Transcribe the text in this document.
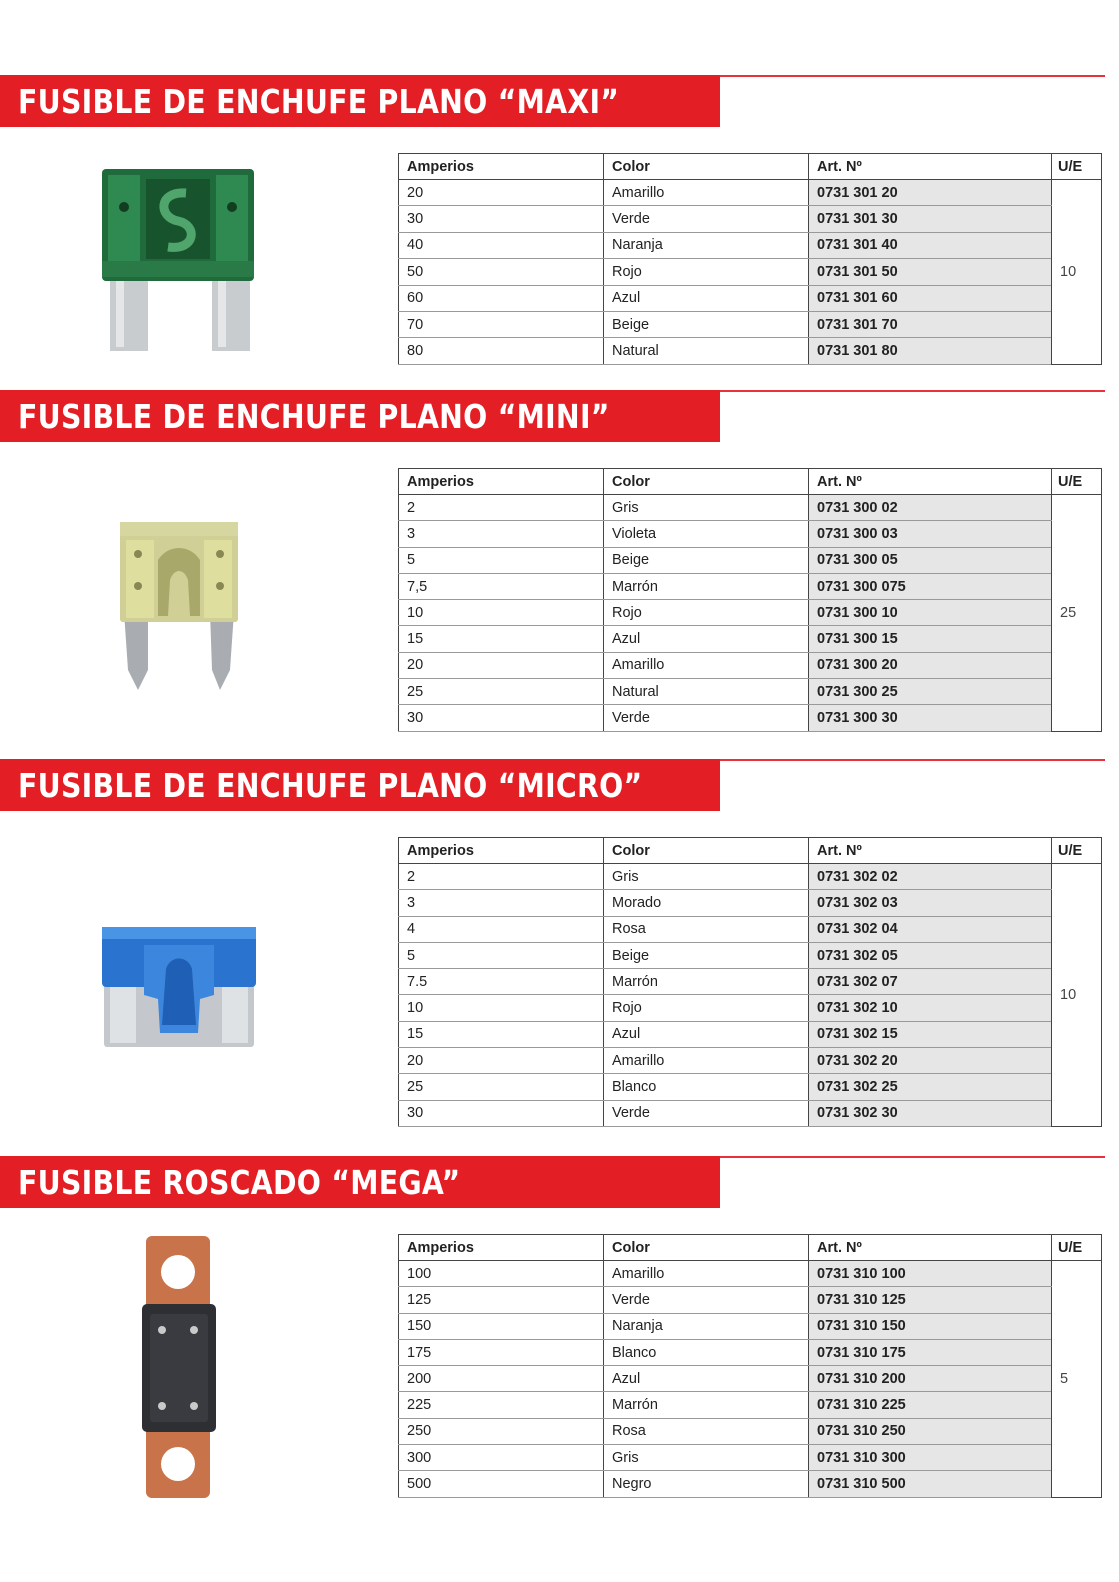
FUSIBLE DE ENCHUFE PLANO “MAXI”
Amperios	Color	Art. Nº	U/E
20	Amarillo	0731 301 20	10
30	Verde	0731 301 30	
40	Naranja	0731 301 40	
50	Rojo	0731 301 50	
60	Azul	0731 301 60	
70	Beige	0731 301 70	
80	Natural	0731 301 80	
FUSIBLE DE ENCHUFE PLANO “MINI”
Amperios	Color	Art. Nº	U/E
2	Gris	0731 300 02	25
3	Violeta	0731 300 03	
5	Beige	0731 300 05	
7,5	Marrón	0731 300 075	
10	Rojo	0731 300 10	
15	Azul	0731 300 15	
20	Amarillo	0731 300 20	
25	Natural	0731 300 25	
30	Verde	0731 300 30	
FUSIBLE DE ENCHUFE PLANO “MICRO”
Amperios	Color	Art. Nº	U/E
2	Gris	0731 302 02	10
3	Morado	0731 302 03	
4	Rosa	0731 302 04	
5	Beige	0731 302 05	
7.5	Marrón	0731 302 07	
10	Rojo	0731 302 10	
15	Azul	0731 302 15	
20	Amarillo	0731 302 20	
25	Blanco	0731 302 25	
30	Verde	0731 302 30	
FUSIBLE ROSCADO “MEGA”
Amperios	Color	Art. Nº	U/E
100	Amarillo	0731 310 100	5
125	Verde	0731 310 125	
150	Naranja	0731 310 150	
175	Blanco	0731 310 175	
200	Azul	0731 310 200	
225	Marrón	0731 310 225	
250	Rosa	0731 310 250	
300	Gris	0731 310 300	
500	Negro	0731 310 500	
